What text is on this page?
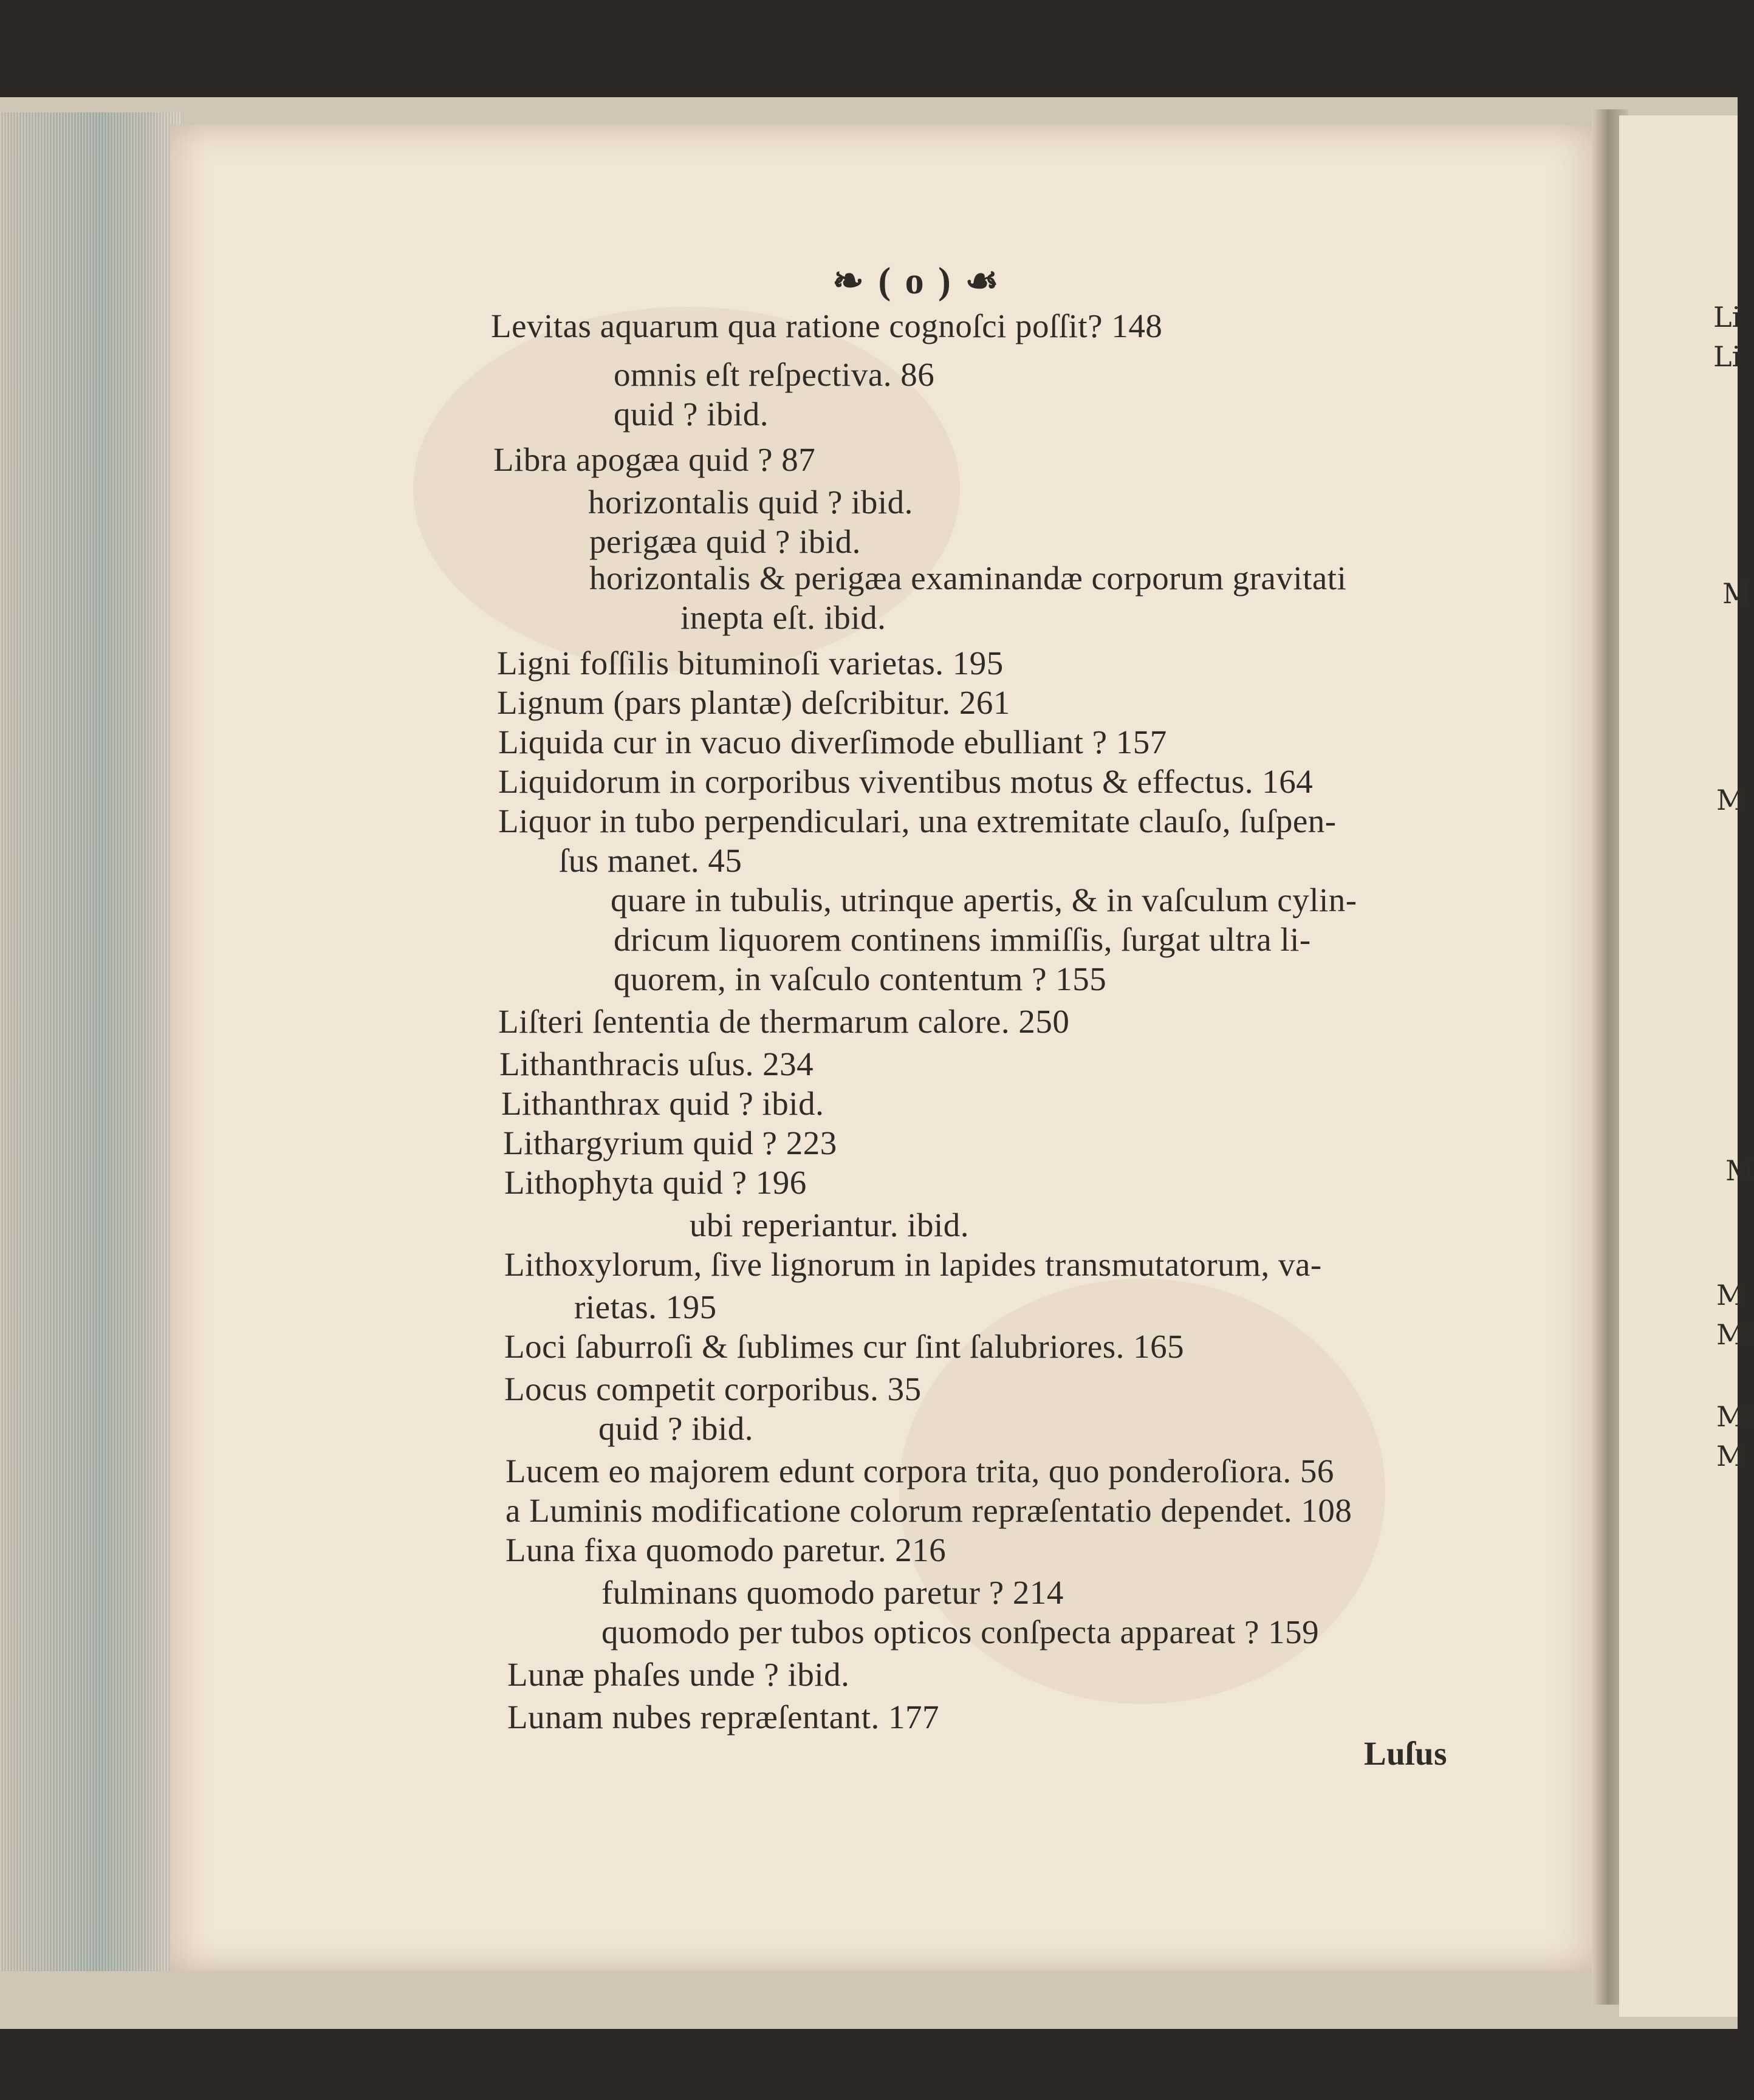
❧ ( o ) ☙
Levitas aquarum qua ratione cognoſci poſſit? 148
omnis eſt reſpectiva. 86
quid ? ibid.
Libra apogæa quid ? 87
horizontalis quid ? ibid.
perigæa quid ? ibid.
horizontalis & perigæa examinandæ corporum gravitati
inepta eſt. ibid.
Ligni foſſilis bituminoſi varietas. 195
Lignum (pars plantæ) deſcribitur. 261
Liquida cur in vacuo diverſimode ebulliant ? 157
Liquidorum in corporibus viventibus motus & effectus. 164
Liquor in tubo perpendiculari, una extremitate clauſo, ſuſpen-
ſus manet. 45
quare in tubulis, utrinque apertis, & in vaſculum cylin-
dricum liquorem continens immiſſis, ſurgat ultra li-
quorem, in vaſculo contentum ? 155
Liſteri ſententia de thermarum calore. 250
Lithanthracis uſus. 234
Lithanthrax quid ? ibid.
Lithargyrium quid ? 223
Lithophyta quid ? 196
ubi reperiantur. ibid.
Lithoxylorum, ſive lignorum in lapides transmutatorum, va-
rietas. 195
Loci ſaburroſi & ſublimes cur ſint ſalubriores. 165
Locus competit corporibus. 35
quid ? ibid.
Lucem eo majorem edunt corpora trita, quo ponderoſiora. 56
a Luminis modificatione colorum repræſentatio dependet. 108
Luna fixa quomodo paretur. 216
fulminans quomodo paretur ? 214
quomodo per tubos opticos conſpecta appareat ? 159
Lunæ phaſes unde ? ibid.
Lunam nubes repræſentant. 177
Luſus
Li
Li
M
M
M
M
Mi
Mi
M
